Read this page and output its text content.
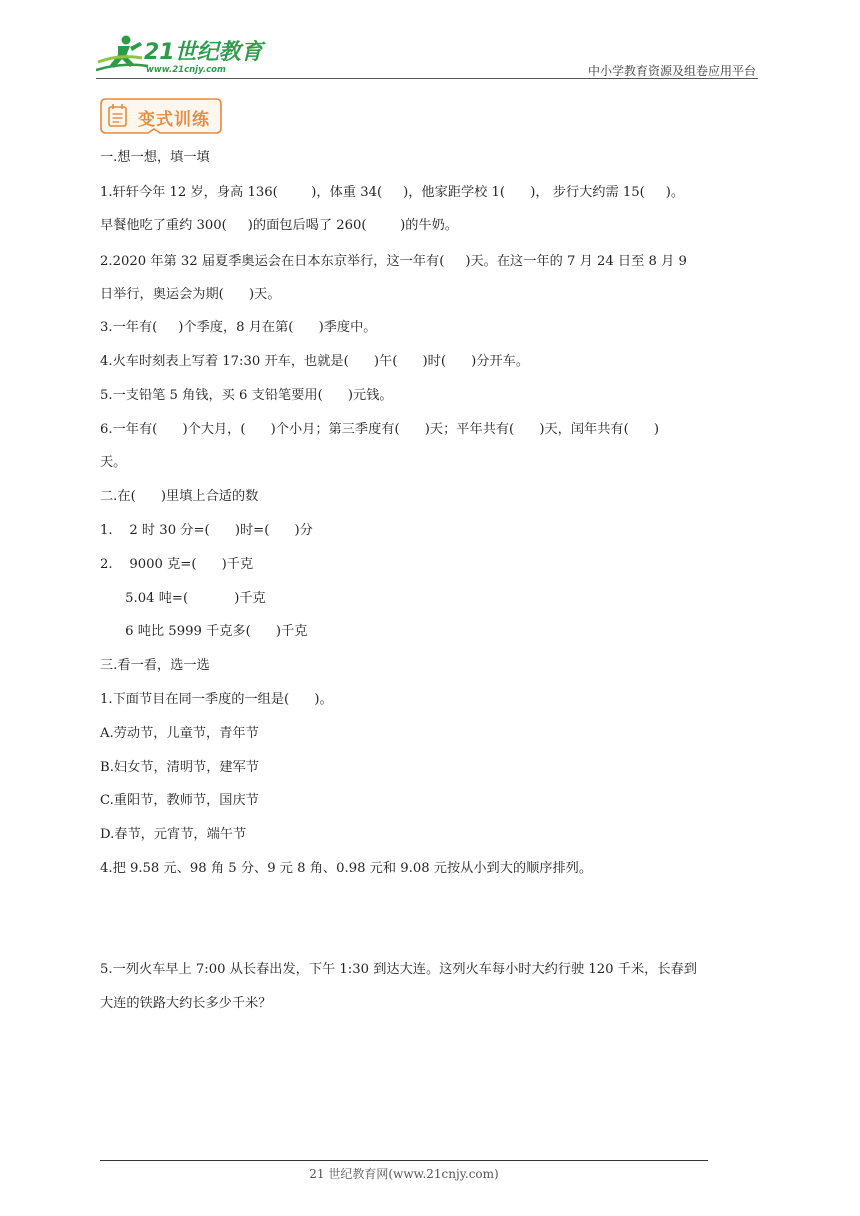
21世纪教育
www.21cnjy.com	中小学教育资源及组卷应用平台
变式训练
一.想一想，填一填
1.轩轩今年 12 岁，身高 136(        )，体重 34(     )，他家距学校 1(      )， 步行大约需 15(     )。
早餐他吃了重约 300(     )的面包后喝了 260(        )的牛奶。
2.2020 年第 32 届夏季奥运会在日本东京举行，这一年有(     )天。在这一年的 7 月 24 日至 8 月 9
日举行，奥运会为期(      )天。
3.一年有(     )个季度，8 月在第(      )季度中。
4.火车时刻表上写着 17:30 开车，也就是(      )午(      )时(      )分开车。
5.一支铅笔 5 角钱，买 6 支铅笔要用(      )元钱。
6.一年有(      )个大月，(      )个小月；第三季度有(      )天；平年共有(      )天，闰年共有(      )
天。
二.在(      )里填上合适的数
1.    2 时 30 分=(      )时=(      )分
2.    9000 克=(      )千克
5.04 吨=(           )千克
6 吨比 5999 千克多(      )千克
三.看一看，选一选
1.下面节目在同一季度的一组是(      )。
A.劳动节，儿童节，青年节
B.妇女节，清明节，建军节
C.重阳节，教师节，国庆节
D.春节，元宵节，端午节
4.把 9.58 元、98 角 5 分、9 元 8 角、0.98 元和 9.08 元按从小到大的顺序排列。
5.一列火车早上 7:00 从长春出发，下午 1:30 到达大连。这列火车每小时大约行驶 120 千米，长春到
大连的铁路大约长多少千米？
21 世纪教育网(www.21cnjy.com)
